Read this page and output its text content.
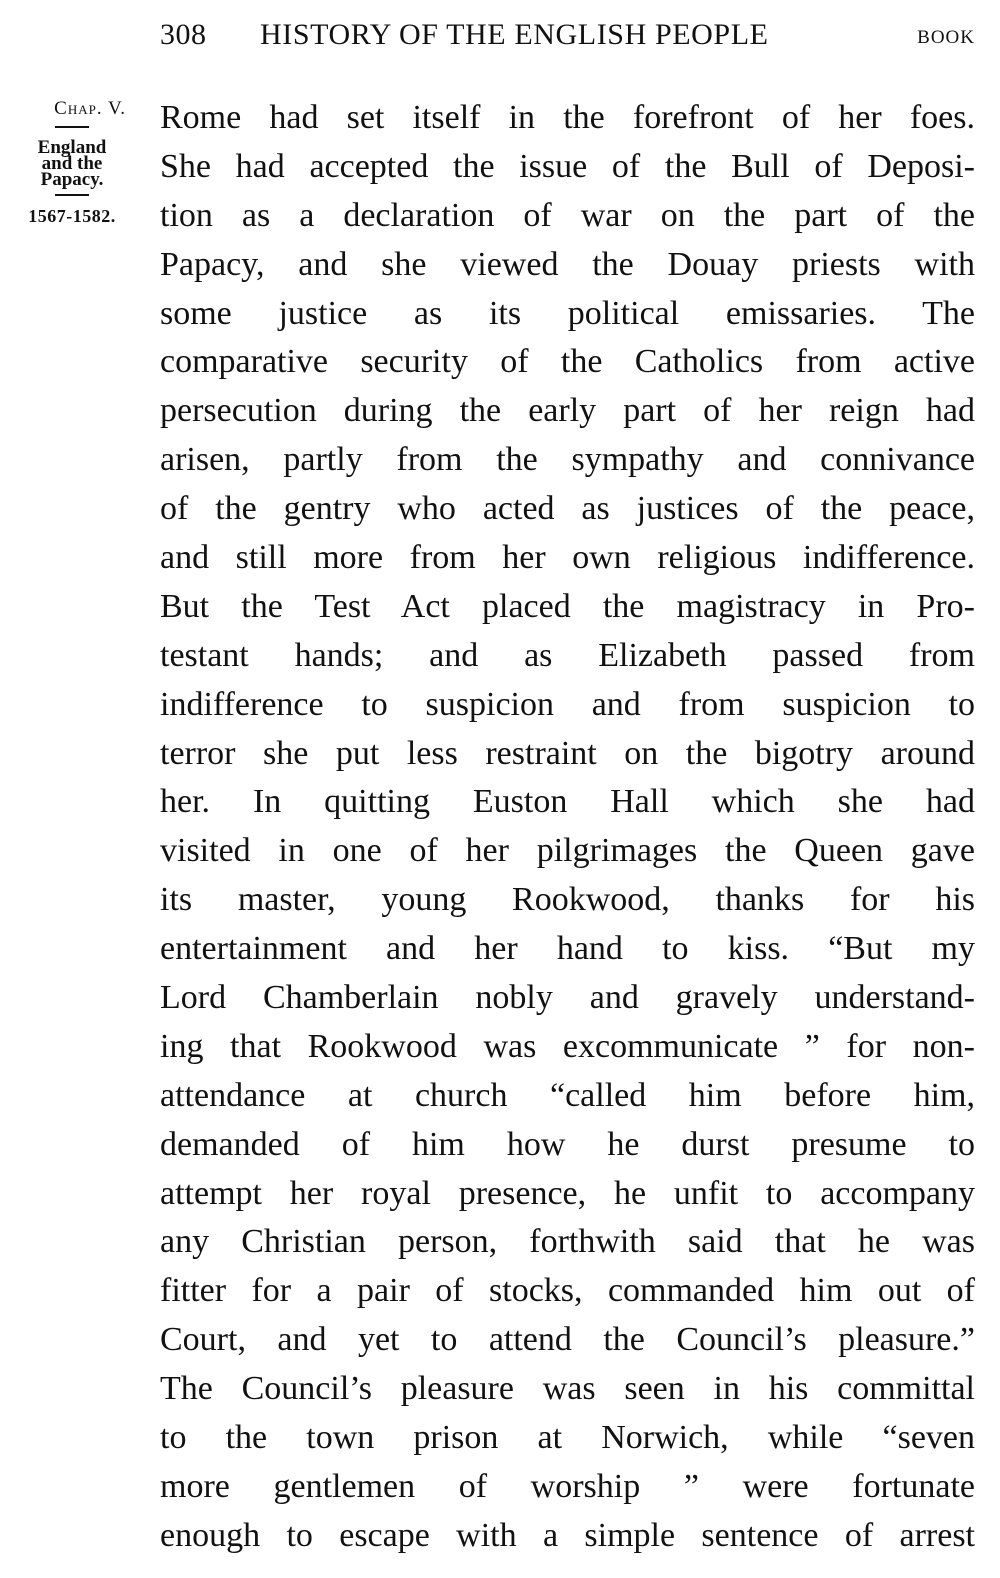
308 HISTORY OF THE ENGLISH PEOPLE	BOOK
Chap. V.
England
and the
Papacy.
1567-1582.
Rome had set itself in the forefront of her foes.
She had accepted the issue of the Bull of Deposi-
tion as a declaration of war on the part of the
Papacy, and she viewed the Douay priests with
some justice as its political emissaries. The
comparative security of the Catholics from active
persecution during the early part of her reign had
arisen, partly from the sympathy and connivance
of the gentry who acted as justices of the peace,
and still more from her own religious indifference.
But the Test Act placed the magistracy in Pro-
testant hands; and as Elizabeth passed from
indifference to suspicion and from suspicion to
terror she put less restraint on the bigotry around
her. In quitting Euston Hall which she had
visited in one of her pilgrimages the Queen gave
its master, young Rookwood, thanks for his
entertainment and her hand to kiss. “But my
Lord Chamberlain nobly and gravely understand-
ing that Rookwood was excommunicate ” for non-
attendance at church “called him before him,
demanded of him how he durst presume to
attempt her royal presence, he unfit to accompany
any Christian person, forthwith said that he was
fitter for a pair of stocks, commanded him out of
Court, and yet to attend the Council’s pleasure.”
The Council’s pleasure was seen in his committal
to the town prison at Norwich, while “seven
more gentlemen of worship ” were fortunate
enough to escape with a simple sentence of arrest
